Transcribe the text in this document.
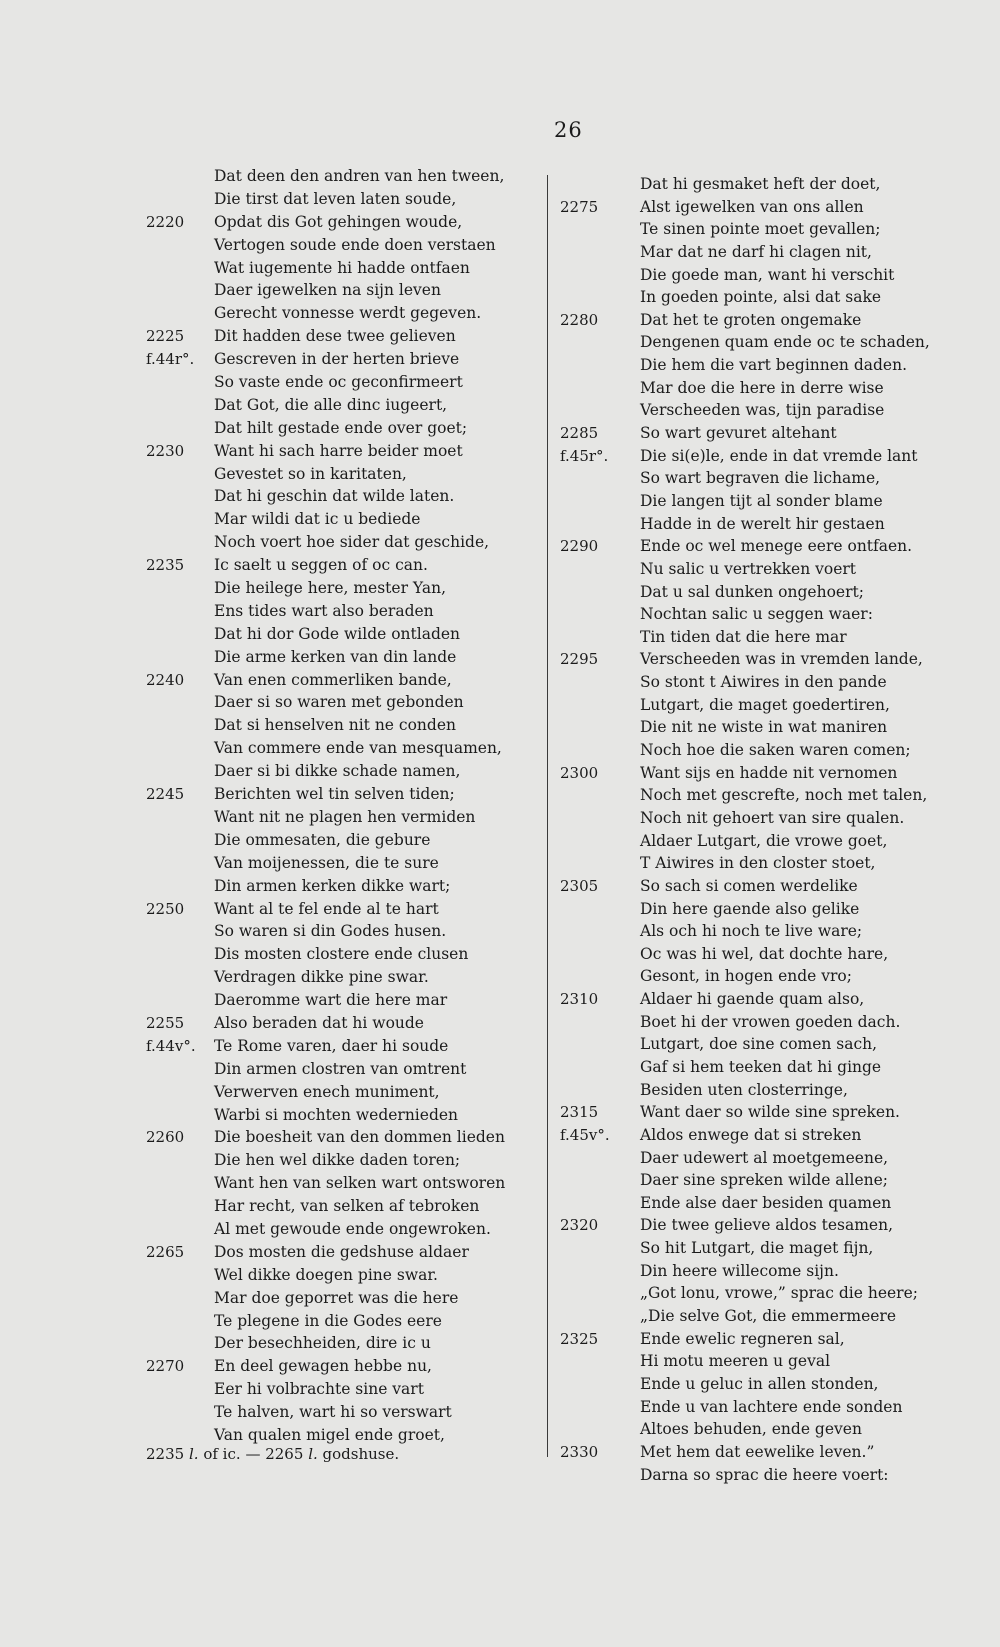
26
Dat deen den andren van hen tween,
Die tirst dat leven laten soude,
2220	Opdat dis Got gehingen woude,
Vertogen soude ende doen verstaen
Wat iugemente hi hadde ontfaen
Daer igewelken na sijn leven
Gerecht vonnesse werdt gegeven.
2225	Dit hadden dese twee gelieven
f.44r°.	Gescreven in der herten brieve
So vaste ende oc geconfirmeert
Dat Got, die alle dinc iugeert,
Dat hilt gestade ende over goet;
2230	Want hi sach harre beider moet
Gevestet so in karitaten,
Dat hi geschin dat wilde laten.
Mar wildi dat ic u bediede
Noch voert hoe sider dat geschide,
2235	Ic saelt u seggen of oc can.
Die heilege here, mester Yan,
Ens tides wart also beraden
Dat hi dor Gode wilde ontladen
Die arme kerken van din lande
2240	Van enen commerliken bande,
Daer si so waren met gebonden
Dat si henselven nit ne conden
Van commere ende van mesquamen,
Daer si bi dikke schade namen,
2245	Berichten wel tin selven tiden;
Want nit ne plagen hen vermiden
Die ommesaten, die gebure
Van moijenessen, die te sure
Din armen kerken dikke wart;
2250	Want al te fel ende al te hart
So waren si din Godes husen.
Dis mosten clostere ende clusen
Verdragen dikke pine swar.
Daeromme wart die here mar
2255	Also beraden dat hi woude
f.44v°.	Te Rome varen, daer hi soude
Din armen clostren van omtrent
Verwerven enech muniment,
Warbi si mochten wedernieden
2260	Die boesheit van den dommen lieden
Die hen wel dikke daden toren;
Want hen van selken wart ontsworen
Har recht, van selken af tebroken
Al met gewoude ende ongewroken.
2265	Dos mosten die gedshuse aldaer
Wel dikke doegen pine swar.
Mar doe geporret was die here
Te plegene in die Godes eere
Der besechheiden, dire ic u
2270	En deel gewagen hebbe nu,
Eer hi volbrachte sine vart
Te halven, wart hi so verswart
Van qualen migel ende groet,
Dat hi gesmaket heft der doet,
2275	Alst igewelken van ons allen
Te sinen pointe moet gevallen;
Mar dat ne darf hi clagen nit,
Die goede man, want hi verschit
In goeden pointe, alsi dat sake
2280	Dat het te groten ongemake
Dengenen quam ende oc te schaden,
Die hem die vart beginnen daden.
Mar doe die here in derre wise
Verscheeden was, tijn paradise
2285	So wart gevuret altehant
f.45r°.	Die si(e)le, ende in dat vremde lant
So wart begraven die lichame,
Die langen tijt al sonder blame
Hadde in de werelt hir gestaen
2290	Ende oc wel menege eere ontfaen.
Nu salic u vertrekken voert
Dat u sal dunken ongehoert;
Nochtan salic u seggen waer:
Tin tiden dat die here mar
2295	Verscheeden was in vremden lande,
So stont t Aiwires in den pande
Lutgart, die maget goedertiren,
Die nit ne wiste in wat maniren
Noch hoe die saken waren comen;
2300	Want sijs en hadde nit vernomen
Noch met gescrefte, noch met talen,
Noch nit gehoert van sire qualen.
Aldaer Lutgart, die vrowe goet,
T Aiwires in den closter stoet,
2305	So sach si comen werdelike
Din here gaende also gelike
Als och hi noch te live ware;
Oc was hi wel, dat dochte hare,
Gesont, in hogen ende vro;
2310	Aldaer hi gaende quam also,
Boet hi der vrowen goeden dach.
Lutgart, doe sine comen sach,
Gaf si hem teeken dat hi ginge
Besiden uten closterringe,
2315	Want daer so wilde sine spreken.
f.45v°.	Aldos enwege dat si streken
Daer udewert al moetgemeene,
Daer sine spreken wilde allene;
Ende alse daer besiden quamen
2320	Die twee gelieve aldos tesamen,
So hit Lutgart, die maget fijn,
Din heere willecome sijn.
„Got lonu, vrowe,” sprac die heere;
„Die selve Got, die emmermeere
2325	Ende ewelic regneren sal,
Hi motu meeren u geval
Ende u geluc in allen stonden,
Ende u van lachtere ende sonden
Altoes behuden, ende geven
2330	Met hem dat eewelike leven.”
Darna so sprac die heere voert:
2235 l. of ic. — 2265 l. godshuse.
